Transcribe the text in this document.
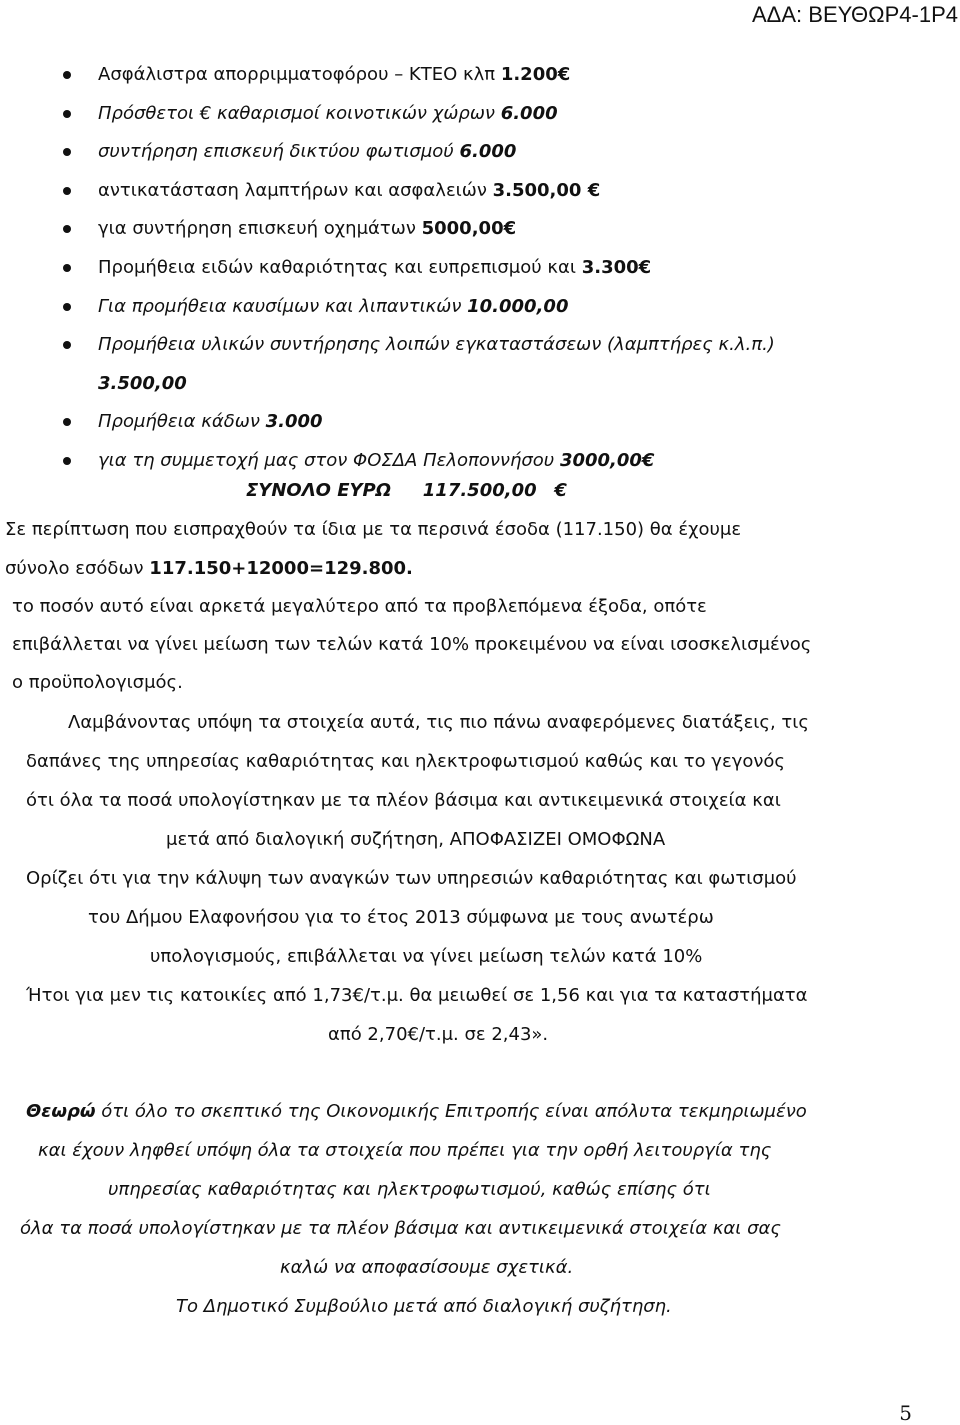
ΑΔΑ: ΒΕΥΘΩΡ4-1Ρ4
Ασφάλιστρα απορριμματοφόρου – ΚΤΕΟ κλπ 1.200€
Πρόσθετοι € καθαρισμοί κοινοτικών χώρων 6.000
συντήρηση επισκευή δικτύου φωτισμού 6.000
αντικατάσταση λαμπτήρων και ασφαλειών 3.500,00 €
για συντήρηση επισκευή οχημάτων 5000,00€
Προμήθεια ειδών καθαριότητας και ευπρεπισμού και 3.300€
Για προμήθεια καυσίμων και λιπαντικών 10.000,00
Προμήθεια υλικών συντήρησης λοιπών εγκαταστάσεων (λαμπτήρες κ.λ.π.)
3.500,00
Προμήθεια κάδων 3.000
για τη συμμετοχή μας στον ΦΟΣΔΑ Πελοποννήσου 3000,00€
ΣΥΝΟΛΟ ΕΥΡΩ 117.500,00 €
Σε περίπτωση που εισπραχθούν τα ίδια με τα περσινά έσοδα (117.150) θα έχουμε
σύνολο εσόδων 117.150+12000=129.800.
το ποσόν αυτό είναι αρκετά μεγαλύτερο από τα προβλεπόμενα έξοδα, οπότε
επιβάλλεται να γίνει μείωση των τελών κατά 10% προκειμένου να είναι ισοσκελισμένος
ο προϋπολογισμός.
Λαμβάνοντας υπόψη τα στοιχεία αυτά, τις πιο πάνω αναφερόμενες διατάξεις, τις
δαπάνες της υπηρεσίας καθαριότητας και ηλεκτροφωτισμού καθώς και το γεγονός
ότι όλα τα ποσά υπολογίστηκαν με τα πλέον βάσιμα και αντικειμενικά στοιχεία και
μετά από διαλογική συζήτηση, ΑΠΟΦΑΣΙΖΕΙ ΟΜΟΦΩΝΑ
Ορίζει ότι για την κάλυψη των αναγκών των υπηρεσιών καθαριότητας και φωτισμού
του Δήμου Ελαφονήσου για το έτος 2013 σύμφωνα με τους ανωτέρω
υπολογισμούς, επιβάλλεται να γίνει μείωση τελών κατά 10%
Ήτοι για μεν τις κατοικίες από 1,73€/τ.μ. θα μειωθεί σε 1,56 και για τα καταστήματα
από 2,70€/τ.μ. σε 2,43».
Θεωρώ ότι όλο το σκεπτικό της Οικονομικής Επιτροπής είναι απόλυτα τεκμηριωμένο
και έχουν ληφθεί υπόψη όλα τα στοιχεία που πρέπει για την ορθή λειτουργία της
υπηρεσίας καθαριότητας και ηλεκτροφωτισμού, καθώς επίσης ότι
όλα τα ποσά υπολογίστηκαν με τα πλέον βάσιμα και αντικειμενικά στοιχεία και σας
καλώ να αποφασίσουμε σχετικά.
Το Δημοτικό Συμβούλιο μετά από διαλογική συζήτηση.
5
